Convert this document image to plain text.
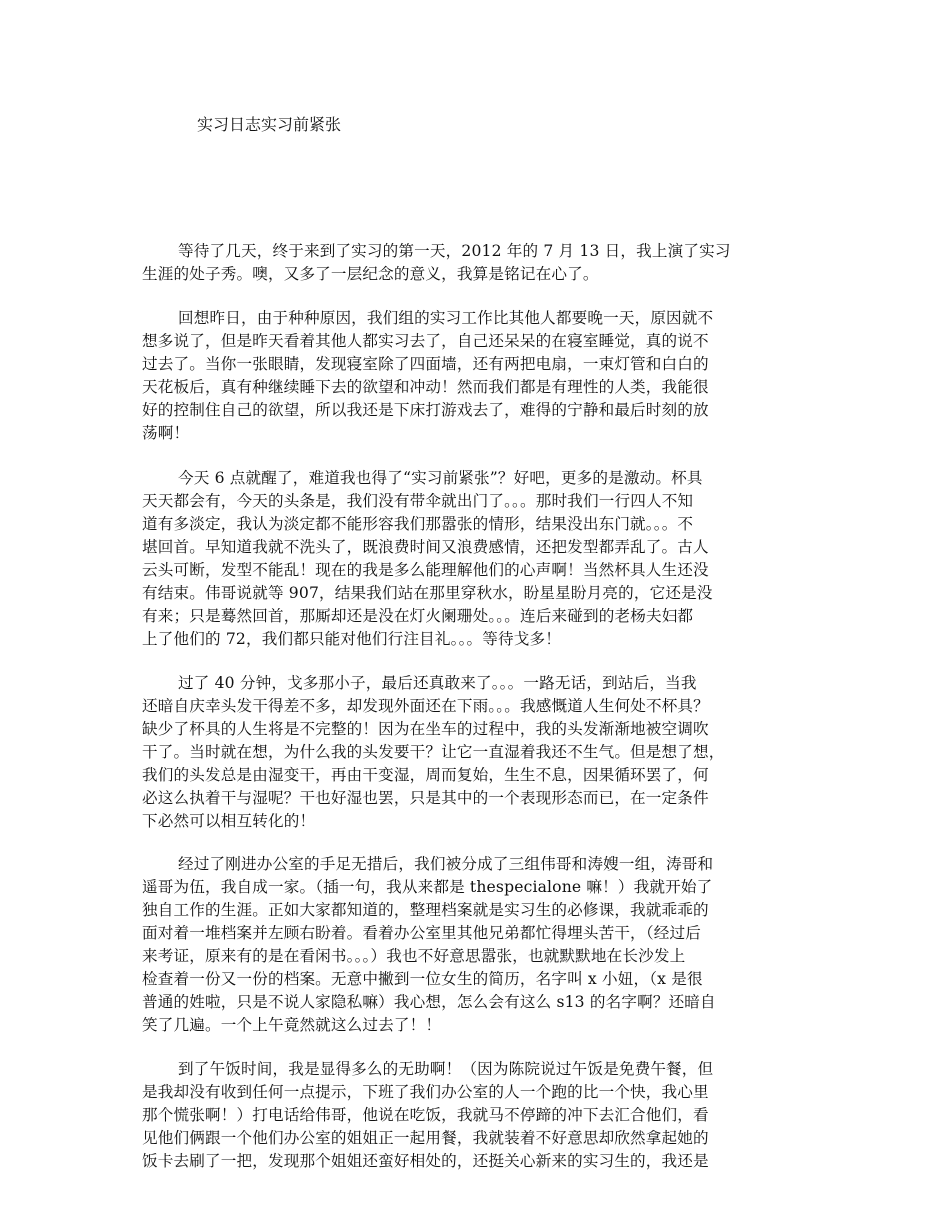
实习日志实习前紧张
等待了几天，终于来到了实习的第一天，2012 年的 7 月 13 日，我上演了实习
生涯的处子秀。噢，又多了一层纪念的意义，我算是铭记在心了。
回想昨日，由于种种原因，我们组的实习工作比其他人都要晚一天，原因就不
想多说了，但是昨天看着其他人都实习去了，自己还呆呆的在寝室睡觉，真的说不
过去了。当你一张眼睛，发现寝室除了四面墙，还有两把电扇，一束灯管和白白的
天花板后，真有种继续睡下去的欲望和冲动！然而我们都是有理性的人类，我能很
好的控制住自己的欲望，所以我还是下床打游戏去了，难得的宁静和最后时刻的放
荡啊！
今天 6 点就醒了，难道我也得了“实习前紧张”？好吧，更多的是激动。杯具
天天都会有，今天的头条是，我们没有带伞就出门了。。。那时我们一行四人不知
道有多淡定，我认为淡定都不能形容我们那嚣张的情形，结果没出东门就。。。不
堪回首。早知道我就不洗头了，既浪费时间又浪费感情，还把发型都弄乱了。古人
云头可断，发型不能乱！现在的我是多么能理解他们的心声啊！当然杯具人生还没
有结束。伟哥说就等 907，结果我们站在那里穿秋水，盼星星盼月亮的，它还是没
有来；只是蓦然回首，那厮却还是没在灯火阑珊处。。。连后来碰到的老杨夫妇都
上了他们的 72，我们都只能对他们行注目礼。。。等待戈多！
过了 40 分钟，戈多那小子，最后还真敢来了。。。一路无话，到站后，当我
还暗自庆幸头发干得差不多，却发现外面还在下雨。。。我感慨道人生何处不杯具？
缺少了杯具的人生将是不完整的！因为在坐车的过程中，我的头发渐渐地被空调吹
干了。当时就在想，为什么我的头发要干？让它一直湿着我还不生气。但是想了想，
我们的头发总是由湿变干，再由干变湿，周而复始，生生不息，因果循环罢了，何
必这么执着干与湿呢？干也好湿也罢，只是其中的一个表现形态而已，在一定条件
下必然可以相互转化的！
经过了刚进办公室的手足无措后，我们被分成了三组伟哥和涛嫂一组，涛哥和
遥哥为伍，我自成一家。（插一句，我从来都是 thespecialone 嘛！）我就开始了
独自工作的生涯。正如大家都知道的，整理档案就是实习生的必修课，我就乖乖的
面对着一堆档案并左顾右盼着。看着办公室里其他兄弟都忙得埋头苦干，（经过后
来考证，原来有的是在看闲书。。。）我也不好意思嚣张，也就默默地在长沙发上
检查着一份又一份的档案。无意中撇到一位女生的简历，名字叫 x 小妞，（x 是很
普通的姓啦，只是不说人家隐私嘛）我心想，怎么会有这么 s13 的名字啊？还暗自
笑了几遍。一个上午竟然就这么过去了！！
到了午饭时间，我是显得多么的无助啊！（因为陈院说过午饭是免费午餐，但
是我却没有收到任何一点提示，下班了我们办公室的人一个跑的比一个快，我心里
那个慌张啊！）打电话给伟哥，他说在吃饭，我就马不停蹄的冲下去汇合他们，看
见他们俩跟一个他们办公室的姐姐正一起用餐，我就装着不好意思却欣然拿起她的
饭卡去刷了一把，发现那个姐姐还蛮好相处的，还挺关心新来的实习生的，我还是
